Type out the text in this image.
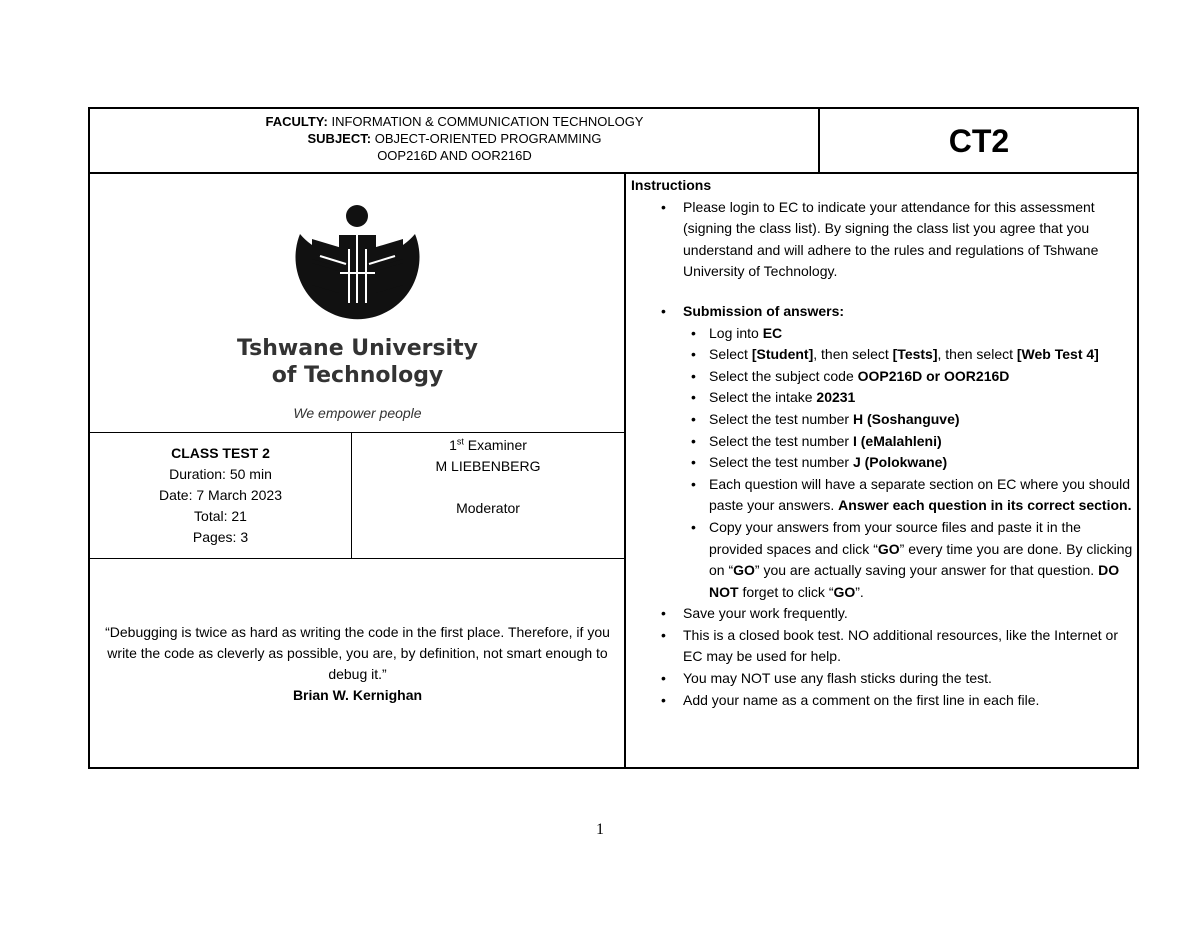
FACULTY: INFORMATION & COMMUNICATION TECHNOLOGY
SUBJECT: OBJECT-ORIENTED PROGRAMMING
OOP216D AND OOR216D	CT2
Tshwane University
of Technology
We empower people
CLASS TEST 2
Duration: 50 min
Date: 7 March 2023
Total: 21
Pages: 3
1st Examiner
M LIEBENBERG
Moderator
“Debugging is twice as hard as writing the code in the first place. Therefore, if you write the code as cleverly as possible, you are, by definition, not smart enough to debug it.”
Brian W. Kernighan
Instructions
• Please login to EC to indicate your attendance for this assessment (signing the class list). By signing the class list you agree that you understand and will adhere to the rules and regulations of Tshwane University of Technology.
• Submission of answers:
• Log into EC
• Select [Student], then select [Tests], then select [Web Test 4]
• Select the subject code OOP216D or OOR216D
• Select the intake 20231
• Select the test number H (Soshanguve)
• Select the test number I (eMalahleni)
• Select the test number J (Polokwane)
• Each question will have a separate section on EC where you should paste your answers. Answer each question in its correct section.
• Copy your answers from your source files and paste it in the provided spaces and click “GO” every time you are done. By clicking on “GO” you are actually saving your answer for that question. DO NOT forget to click “GO”.
• Save your work frequently.
• This is a closed book test. NO additional resources, like the Internet or EC may be used for help.
• You may NOT use any flash sticks during the test.
• Add your name as a comment on the first line in each file.
1
